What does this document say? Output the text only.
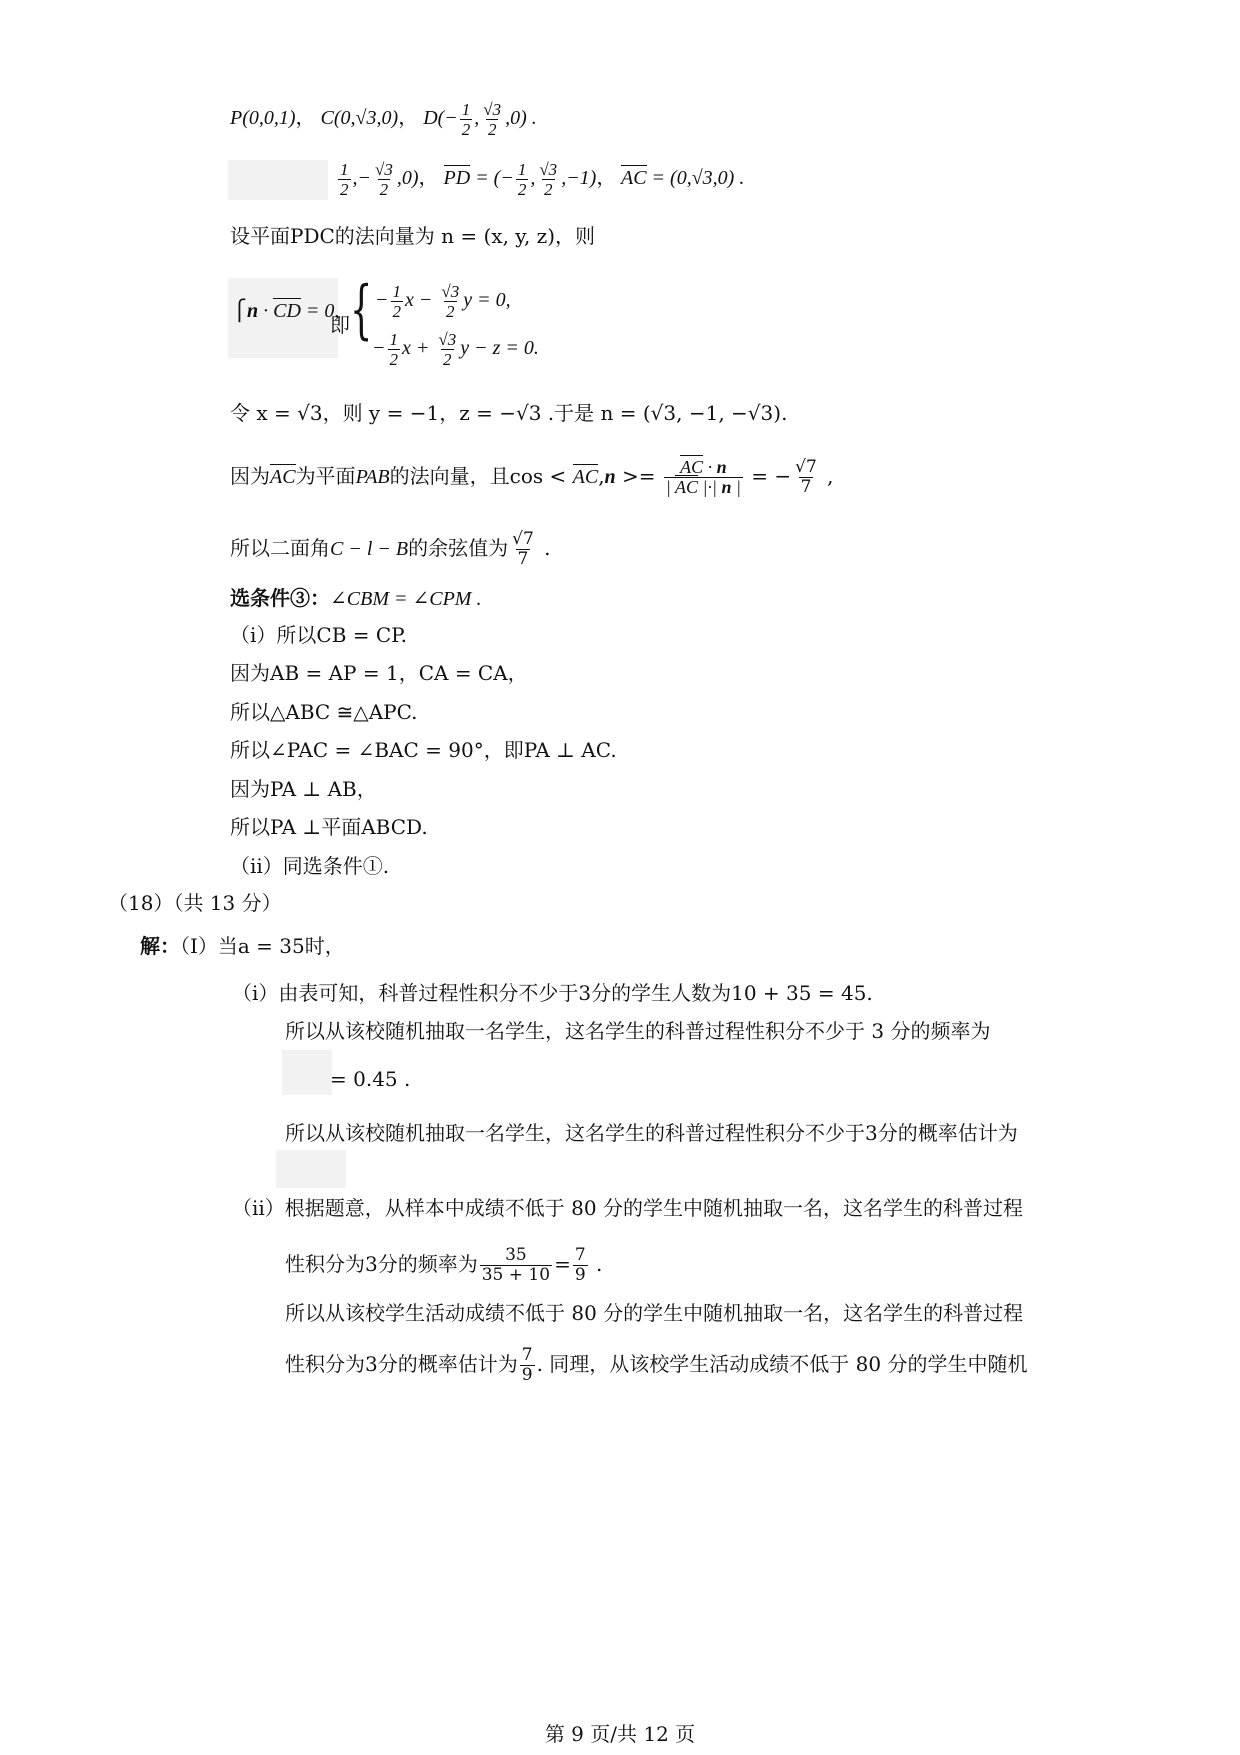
P(0,0,1)， C(0,√3,0)， $D(- \frac{1}{2}$ , $\frac{√3}{2} ,0$) .
$\frac{1}{2}$ ,− $\frac{√3}{2} ,0$)， PD = (− $\frac{1}{2}$ , $\frac{√3}{2} ,-1$)， AC = (0,√3,0) .
设平面PDC的法向量为 n = (x, y, z)，则
⎧n · CD = 0,
即 { − $\frac{1}{2}$ $x - \frac{√3}{2}$ y = 0,
− $\frac{1}{2}$ $x + \frac{√3}{2}$ y − z = 0.
令 x = √3，则 y = −1，z = −√3 .于是 n = (√3, −1, −√3).
因为AC为平面PAB的法向量，且$\cos < AC,n >= \frac{AC \cdot n}{| AC |\cdot| n |}$ = − $\frac{√7}{7}$ ,
所以二面角C − l − B的余弦值为 $\frac{√7}{7}$ .
选条件③：∠CBM = ∠CPM .
（ⅰ）所以CB = CP.
因为AB = AP = 1，CA = CA，
所以△ABC ≅△APC.
所以∠PAC = ∠BAC = 90°，即PA ⊥ AC.
因为PA ⊥ AB，
所以PA ⊥平面ABCD.
（ⅱ）同选条件①.
（18）（共 13 分）
解：（Ⅰ）当a = 35时，
（ⅰ）由表可知，科普过程性积分不少于3分的学生人数为10 + 35 = 45.
所以从该校随机抽取一名学生，这名学生的科普过程性积分不少于 3 分的频率为
= 0.45 .
所以从该校随机抽取一名学生，这名学生的科普过程性积分不少于3分的概率估计为
（ⅱ）根据题意，从样本中成绩不低于 80 分的学生中随机抽取一名，这名学生的科普过程
性积分为3分的频率为 $\frac{35}{35 + 10} = \frac{7}{9}$ .
所以从该校学生活动成绩不低于 80 分的学生中随机抽取一名，这名学生的科普过程
性积分为3分的概率估计为 $\frac{7}{9}$ . 同理，从该校学生活动成绩不低于 80 分的学生中随机
第 9 页/共 12 页
